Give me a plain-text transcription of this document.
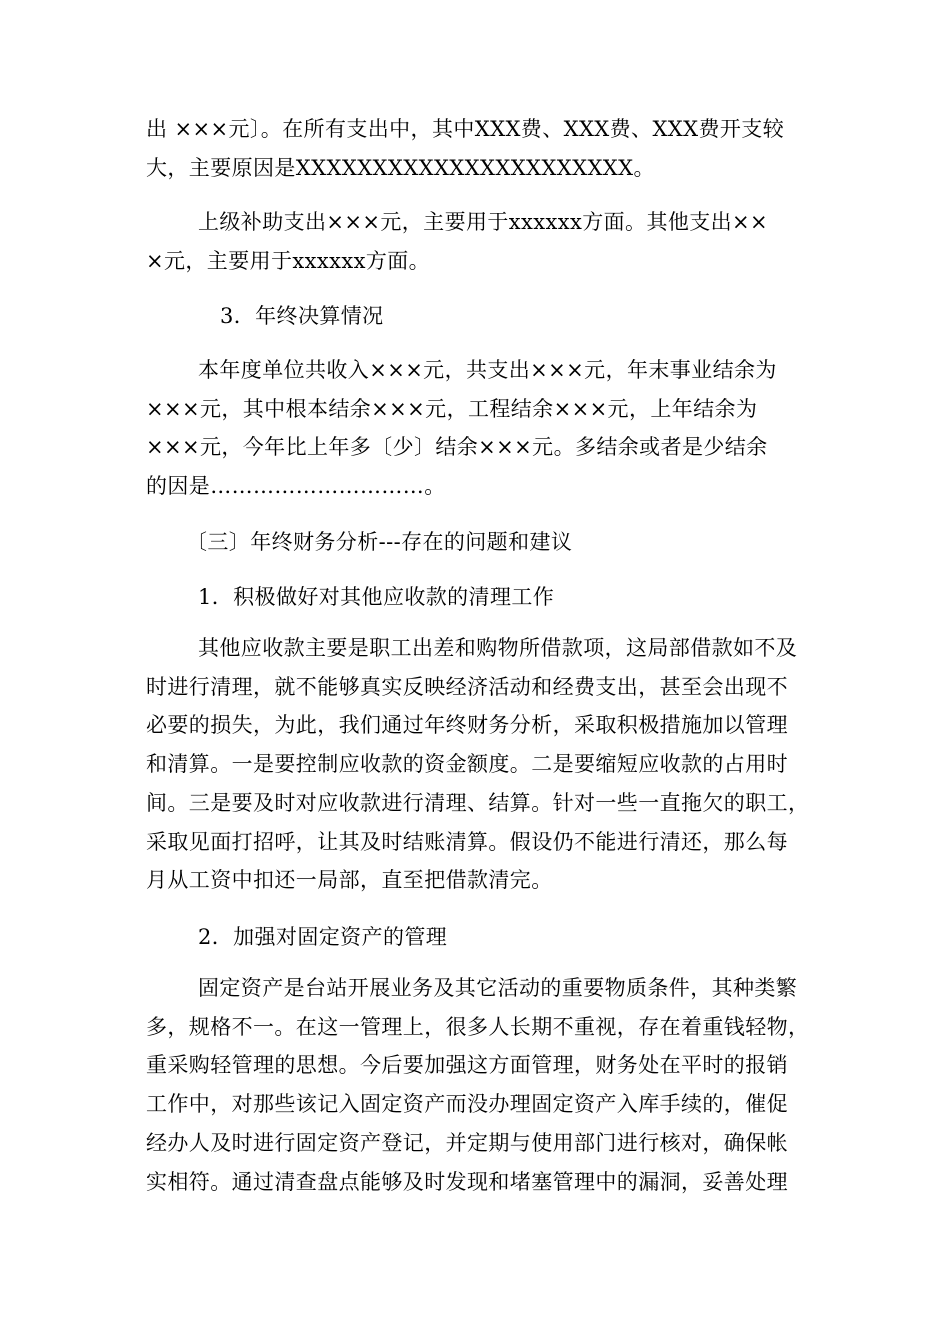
出 ×××元〕。在所有支出中，其中XXX费、XXX费、XXX费开支较
大，主要原因是XXXXXXXXXXXXXXXXXXXXXX。
上级补助支出×××元，主要用于xxxxxx方面。其他支出××
×元，主要用于xxxxxx方面。
3．年终决算情况
本年度单位共收入×××元，共支出×××元，年末事业结余为
×××元，其中根本结余×××元，工程结余×××元，上年结余为
×××元，今年比上年多〔少〕结余×××元。多结余或者是少结余
的因是…………………………。
〔三〕年终财务分析---存在的问题和建议
1．积极做好对其他应收款的清理工作
其他应收款主要是职工出差和购物所借款项，这局部借款如不及
时进行清理，就不能够真实反映经济活动和经费支出，甚至会出现不
必要的损失，为此，我们通过年终财务分析，采取积极措施加以管理
和清算。一是要控制应收款的资金额度。二是要缩短应收款的占用时
间。三是要及时对应收款进行清理、结算。针对一些一直拖欠的职工，
采取见面打招呼，让其及时结账清算。假设仍不能进行清还，那么每
月从工资中扣还一局部，直至把借款清完。
2．加强对固定资产的管理
固定资产是台站开展业务及其它活动的重要物质条件，其种类繁
多，规格不一。在这一管理上，很多人长期不重视，存在着重钱轻物，
重采购轻管理的思想。今后要加强这方面管理，财务处在平时的报销
工作中，对那些该记入固定资产而没办理固定资产入库手续的，催促
经办人及时进行固定资产登记，并定期与使用部门进行核对，确保帐
实相符。通过清查盘点能够及时发现和堵塞管理中的漏洞，妥善处理
